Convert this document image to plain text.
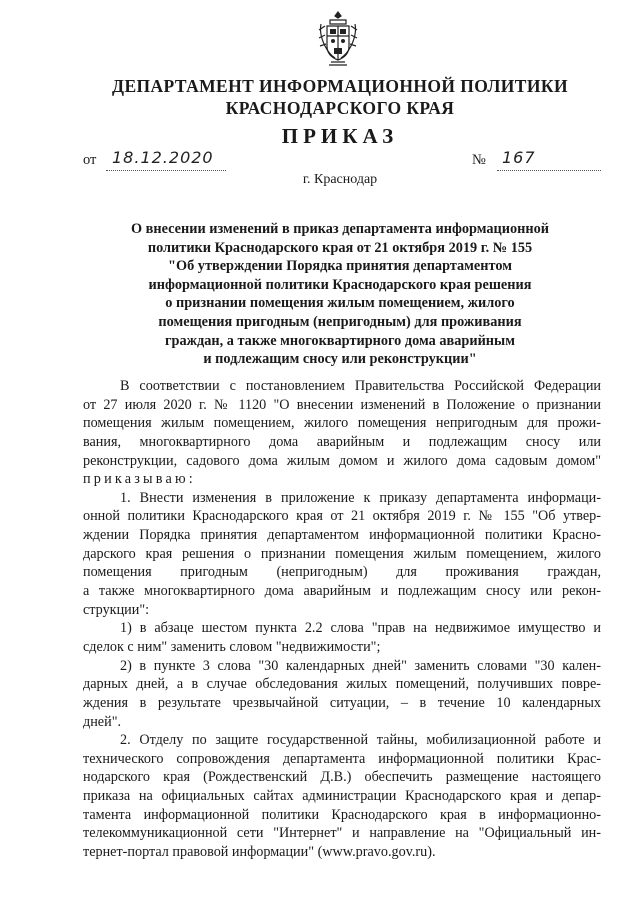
ДЕПАРТАМЕНТ ИНФОРМАЦИОННОЙ ПОЛИТИКИ
КРАСНОДАРСКОГО КРАЯ
ПРИКАЗ
от 18.12.2020	№ 167
г. Краснодар
О внесении изменений в приказ департамента информационной
политики Краснодарского края от 21 октября 2019 г. № 155
"Об утверждении Порядка принятия департаментом
информационной политики Краснодарского края решения
о признании помещения жилым помещением, жилого
помещения пригодным (непригодным) для проживания
граждан, а также многоквартирного дома аварийным
и подлежащим сносу или реконструкции"
В соответствии с постановлением Правительства Российской Федерации
от 27 июля 2020 г. № 1120 "О внесении изменений в Положение о признании
помещения жилым помещением, жилого помещения непригодным для прожи-
вания, многоквартирного дома аварийным и подлежащим сносу или
реконструкции, садового дома жилым домом и жилого дома садовым домом"
приказываю:
1. Внести изменения в приложение к приказу департамента информаци-
онной политики Краснодарского края от 21 октября 2019 г. № 155 "Об утвер-
ждении Порядка принятия департаментом информационной политики Красно-
дарского края решения о признании помещения жилым помещением, жилого
помещения пригодным (непригодным) для проживания граждан,
а также многоквартирного дома аварийным и подлежащим сносу или рекон-
струкции":
1) в абзаце шестом пункта 2.2 слова "прав на недвижимое имущество и
сделок с ним" заменить словом "недвижимости";
2) в пункте 3 слова "30 календарных дней" заменить словами "30 кален-
дарных дней, а в случае обследования жилых помещений, получивших повре-
ждения в результате чрезвычайной ситуации, – в течение 10 календарных
дней".
2. Отделу по защите государственной тайны, мобилизационной работе и
технического сопровождения департамента информационной политики Крас-
нодарского края (Рождественский Д.В.) обеспечить размещение настоящего
приказа на официальных сайтах администрации Краснодарского края и депар-
тамента информационной политики Краснодарского края в информационно-
телекоммуникационной сети "Интернет" и направление на "Официальный ин-
тернет-портал правовой информации" (www.pravo.gov.ru).
